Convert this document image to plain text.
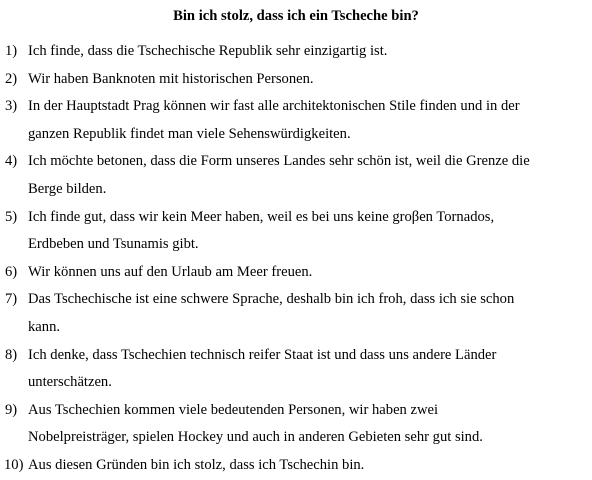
Bin ich stolz, dass ich ein Tscheche bin?
1) Ich finde, dass die Tschechische Republik sehr einzigartig ist.
2) Wir haben Banknoten mit historischen Personen.
3) In der Hauptstadt Prag können wir fast alle architektonischen Stile finden und in der
ganzen Republik findet man viele Sehenswürdigkeiten.
4) Ich möchte betonen, dass die Form unseres Landes sehr schön ist, weil die Grenze die
Berge bilden.
5) Ich finde gut, dass wir kein Meer haben, weil es bei uns keine groβen Tornados,
Erdbeben und Tsunamis gibt.
6) Wir können uns auf den Urlaub am Meer freuen.
7) Das Tschechische ist eine schwere Sprache, deshalb bin ich froh, dass ich sie schon
kann.
8) Ich denke, dass Tschechien technisch reifer Staat ist und dass uns andere Länder
unterschätzen.
9) Aus Tschechien kommen viele bedeutenden Personen, wir haben zwei
Nobelpreisträger, spielen Hockey und auch in anderen Gebieten sehr gut sind.
10) Aus diesen Gründen bin ich stolz, dass ich Tschechin bin.
